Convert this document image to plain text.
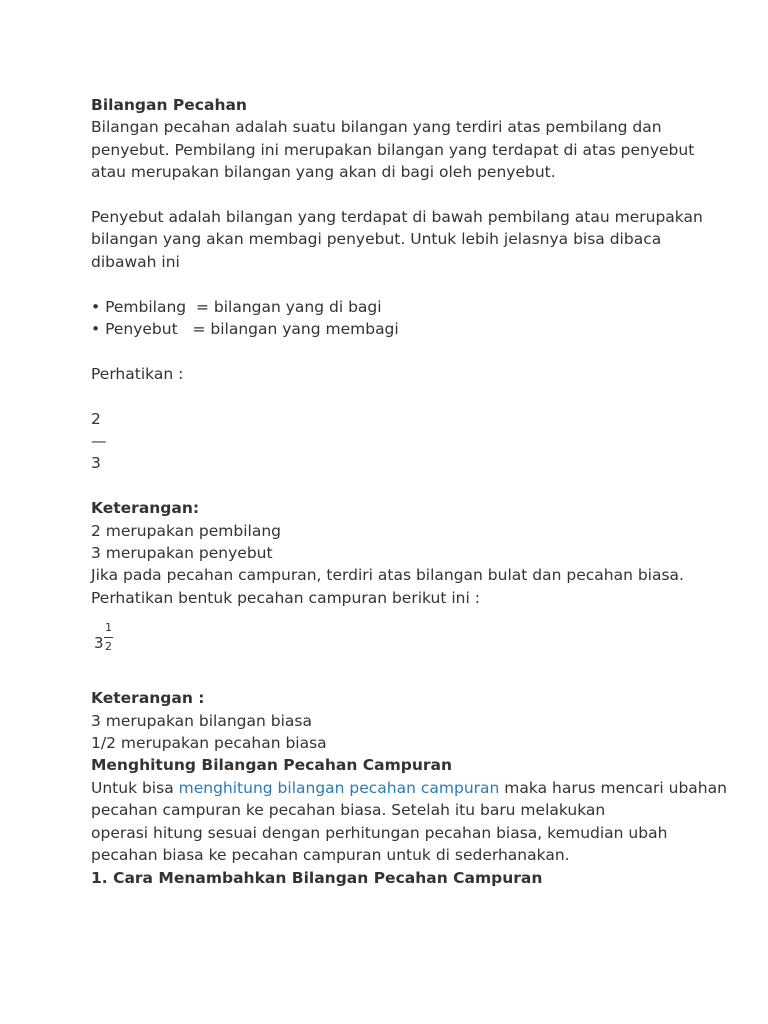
Bilangan Pecahan
Bilangan pecahan adalah suatu bilangan yang terdiri atas pembilang dan
penyebut. Pembilang ini merupakan bilangan yang terdapat di atas penyebut
atau merupakan bilangan yang akan di bagi oleh penyebut.
Penyebut adalah bilangan yang terdapat di bawah pembilang atau merupakan
bilangan yang akan membagi penyebut. Untuk lebih jelasnya bisa dibaca
dibawah ini
• Pembilang  = bilangan yang di bagi
• Penyebut   = bilangan yang membagi
Perhatikan :
2
—
3
Keterangan:
2 merupakan pembilang
3 merupakan penyebut
Jika pada pecahan campuran, terdiri atas bilangan bulat dan pecahan biasa.
Perhatikan bentuk pecahan campuran berikut ini :
3
1
2
Keterangan :
3 merupakan bilangan biasa
1/2 merupakan pecahan biasa
Menghitung Bilangan Pecahan Campuran
Untuk bisa menghitung bilangan pecahan campuran maka harus mencari ubahan
pecahan campuran ke pecahan biasa. Setelah itu baru melakukan
operasi hitung sesuai dengan perhitungan pecahan biasa, kemudian ubah
pecahan biasa ke pecahan campuran untuk di sederhanakan.
1. Cara Menambahkan Bilangan Pecahan Campuran
